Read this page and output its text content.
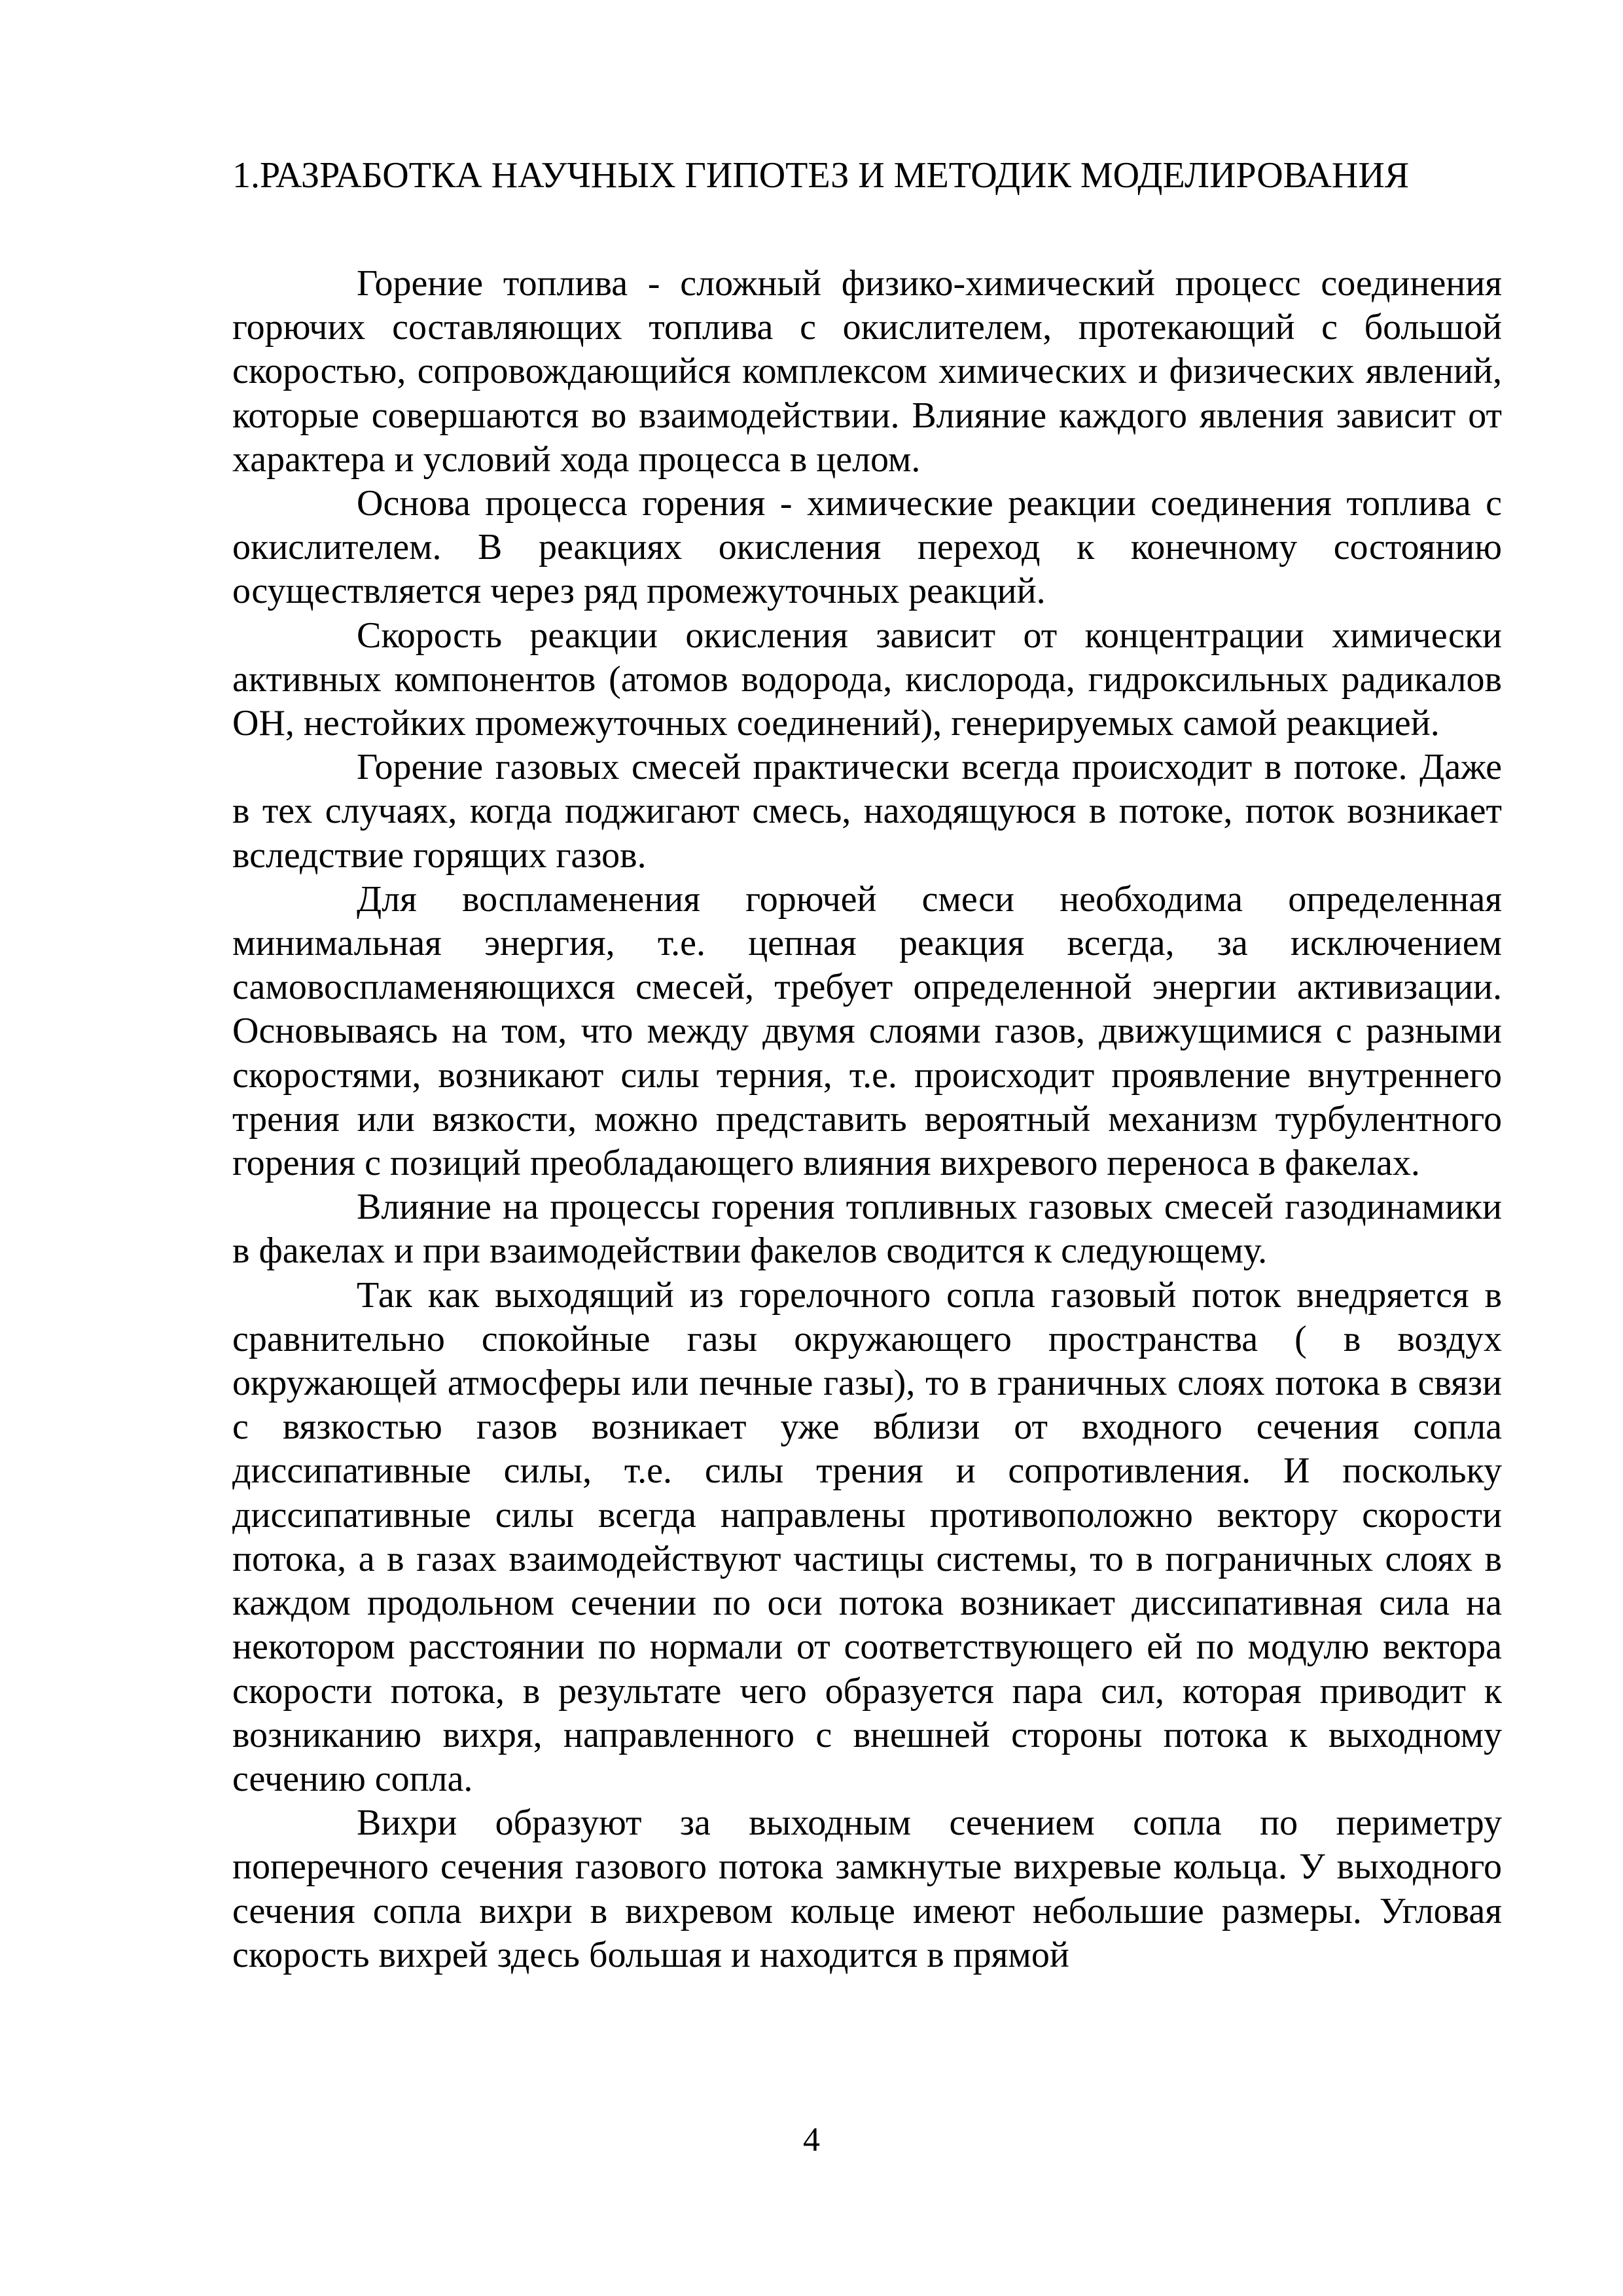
1.РАЗРАБОТКА НАУЧНЫХ ГИПОТЕЗ И МЕТОДИК МОДЕЛИРОВАНИЯ

Горение топлива - сложный физико-химический процесс соединения горючих составляющих топлива с окислителем, протекающий с большой скоростью, сопровождающийся комплексом химических и физических явлений, которые совершаются во взаимодействии. Влияние каждого явления зависит от характера и условий хода процесса в целом.

Основа процесса горения - химические реакции соединения топлива с окислителем. В реакциях окисления переход к конечному состоянию осуществляется через ряд промежуточных реакций.

Скорость реакции окисления зависит от концентрации химически активных компонентов (атомов водорода, кислорода, гидроксильных радикалов ОН, нестойких промежуточных соединений), генерируемых самой реакцией.

Горение газовых смесей практически всегда происходит в потоке. Даже в тех случаях, когда поджигают смесь, находящуюся в потоке, поток возникает вследствие горящих газов.

Для воспламенения горючей смеси необходима определенная минимальная энергия, т.е. цепная реакция всегда, за исключением самовоспламеняющихся смесей, требует определенной энергии активизации. Основываясь на том, что между двумя слоями газов, движущимися с разными скоростями, возникают силы терния, т.е. происходит проявление внутреннего трения или вязкости, можно представить вероятный механизм турбулентного горения с позиций преобладающего влияния вихревого переноса в факелах.

Влияние на процессы горения топливных газовых смесей газодинамики в факелах и при взаимодействии факелов сводится к следующему.

Так как выходящий из горелочного сопла газовый поток внедряется в сравнительно спокойные газы окружающего пространства ( в воздух окружающей атмосферы или печные газы), то в граничных слоях потока в связи с вязкостью газов возникает уже вблизи от входного сечения сопла диссипативные силы, т.е. силы трения и сопротивления. И поскольку диссипативные силы всегда направлены противоположно вектору скорости потока, а в газах взаимодействуют частицы системы, то в пограничных слоях в каждом продольном сечении по оси потока возникает диссипативная сила на некотором расстоянии по нормали от соответствующего ей по модулю вектора скорости потока, в результате чего образуется пара сил, которая приводит к возниканию вихря, направленного с внешней стороны потока к выходному сечению сопла.

Вихри образуют за выходным сечением сопла по периметру поперечного сечения газового потока замкнутые вихревые кольца. У выходного сечения сопла вихри в вихревом кольце имеют небольшие размеры. Угловая скорость вихрей здесь большая и находится в прямой

4
